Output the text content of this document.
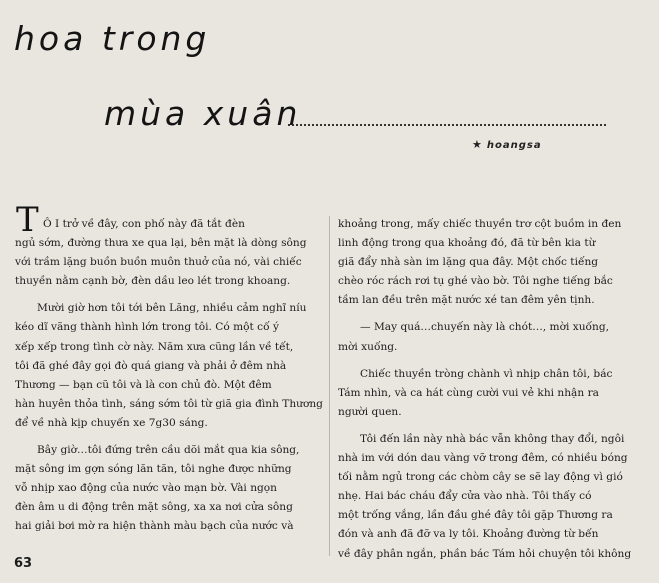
hoa trong
mùa xuân
★ hoangsa
T Ô I trở về đây, con phố này đã tắt đèn
ngủ sớm, đường thưa xe qua lại, bên mặt là dòng sông
với trầm lặng buồn buồn muôn thuở của nó, vài chiếc
thuyền nằm cạnh bờ, đèn dầu leo lét trong khoang.
Mười giờ hơn tôi tới bên Lăng, nhiều cảm nghĩ níu
kéo dĩ vãng thành hình lớn trong tôi. Có một cố ý
xếp xếp trong tình cờ này. Năm xưa cũng lần về tết,
tôi đã ghé đây gọi đò quá giang và phải ở đêm nhà
Thương — bạn cũ tôi và là con chủ đò. Một đêm
hàn huyên thỏa tình, sáng sớm tôi từ giã gia đình Thương
để về nhà kịp chuyến xe 7g30 sáng.
Bây giờ…tôi đứng trên cầu dõi mắt qua kia sông,
mặt sông im gợn sóng lăn tăn, tôi nghe được những
vỗ nhịp xao động của nước vào mạn bờ. Vài ngọn
đèn âm u di động trên mặt sông, xa xa nơi cửa sông
hai giải bơi mờ ra hiện thành màu bạch của nước và
khoảng trong, mấy chiếc thuyền trơ cột buồm in đen
linh động trong qua khoảng đó, đã từ bên kia từ
giã đẩy nhà sàn im lặng qua đây. Một chốc tiếng
chèo róc rách rơi tụ ghé vào bờ. Tôi nghe tiếng bắc
tầm lan đều trên mặt nước xé tan đêm yên tịnh.
— May quá…chuyến này là chót…, mời xuống,
mời xuống.
Chiếc thuyền tròng chành vì nhịp chân tôi, bác
Tám nhìn, và ca hát cùng cười vui vẻ khi nhận ra
người quen.
Tôi đến lần này nhà bác vẫn không thay đổi, ngôi
nhà im với dón dau vàng vỡ trong đêm, có nhiều bóng
tối nằm ngủ trong các chòm cây se sẽ lay động vì gió
nhẹ. Hai bác cháu đẩy cửa vào nhà. Tôi thấy có
một trống vắng, lần đầu ghé đây tôi gặp Thương ra
đón và anh đã đỡ va ly tôi. Khoảng đường từ bến
về đây phân ngắn, phần bác Tám hỏi chuyện tôi không
63
